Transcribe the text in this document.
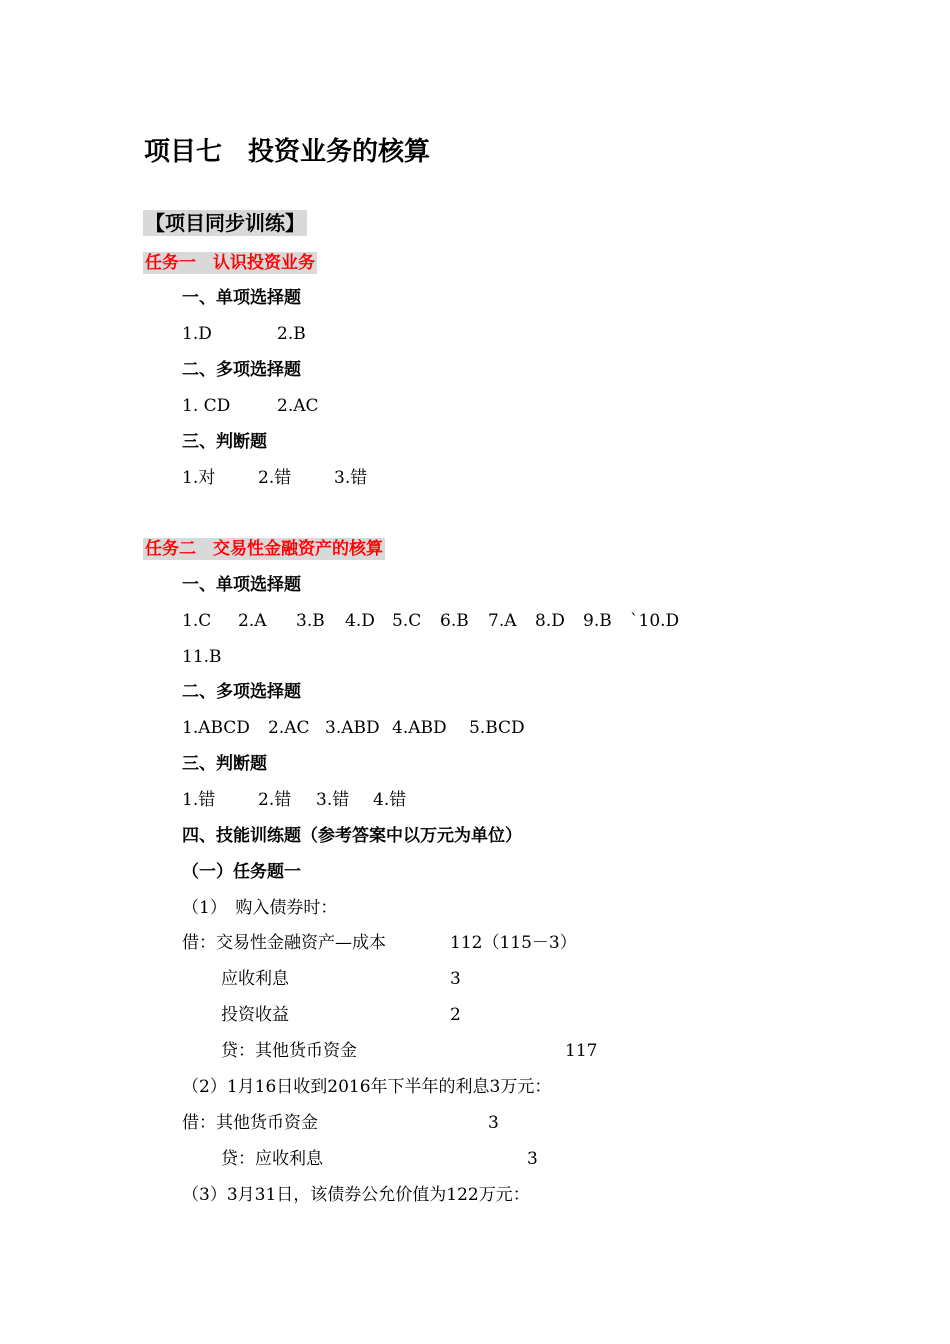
项目七　投资业务的核算
【项目同步训练】
任务一　认识投资业务
一、单项选择题
1.D	2.B
二、多项选择题
1. CD	2.AC
三、判断题
1.对	2.错	3.错
任务二　交易性金融资产的核算
一、单项选择题
1.C 2.A 3.B 4.D 5.C 6.B 7.A 8.D 9.B `10.D
11.B
二、多项选择题
1.ABCD 2.AC 3.ABD 4.ABD 5.BCD
三、判断题
1.错	2.错 3.错 4.错
四、技能训练题（参考答案中以万元为单位）
（一）任务题一
（1）　购入债券时：
借：交易性金融资产—成本	112（115－3）
应收利息	3
投资收益	2
贷：其他货币资金	117
（2）1月16日收到2016年下半年的利息3万元：
借：其他货币资金	3
贷：应收利息	3
（3）3月31日，该债券公允价值为122万元：
